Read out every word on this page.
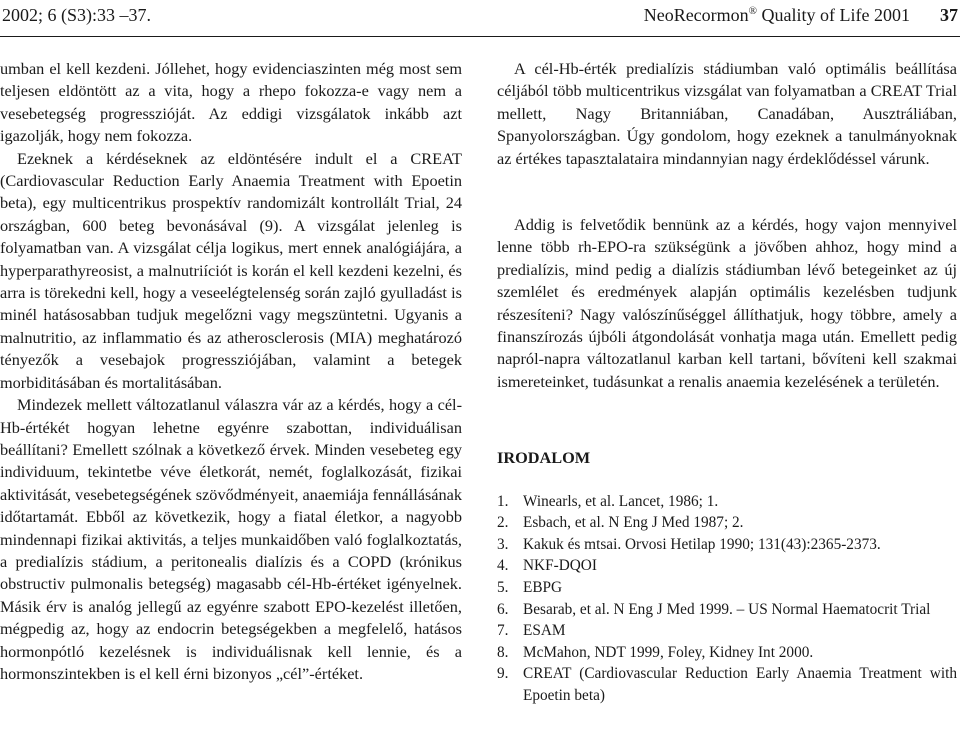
2002; 6 (S3):33 –37.	NeoRecormon® Quality of Life 2001 37

umban el kell kezdeni. Jóllehet, hogy evidenciaszinten még most sem teljesen eldöntött az a vita, hogy a rhepo fokozza-e vagy nem a vesebetegség progresszióját. Az eddigi vizsgálatok inkább azt igazolják, hogy nem fokozza.

Ezeknek a kérdéseknek az eldöntésére indult el a CREAT (Cardiovascular Reduction Early Anaemia Treatment with Epoetin beta), egy multicentrikus prospektív randomizált kontrollált Trial, 24 országban, 600 beteg bevonásával (9). A vizsgálat jelenleg is folyamatban van. A vizsgálat célja logikus, mert ennek analógiájára, a hyperparathyreosist, a malnutriíciót is korán el kell kezdeni kezelni, és arra is törekedni kell, hogy a veseelégtelenség során zajló gyulladást is minél hatásosabban tudjuk megelőzni vagy megszüntetni. Ugyanis a malnutritio, az inflammatio és az atherosclerosis (MIA) meghatározó tényezők a vesebajok progressziójában, valamint a betegek morbiditásában és mortalitásában.

Mindezek mellett változatlanul válaszra vár az a kérdés, hogy a cél-Hb-értékét hogyan lehetne egyénre szabottan, individuálisan beállítani? Emellett szólnak a következő érvek. Minden vesebeteg egy individuum, tekintetbe véve életkorát, nemét, foglalkozását, fizikai aktivitását, vesebetegségének szövődményeit, anaemiája fennállásának időtartamát. Ebből az következik, hogy a fiatal életkor, a nagyobb mindennapi fizikai aktivitás, a teljes munkaidőben való foglalkoztatás, a predialízis stádium, a peritonealis dialízis és a COPD (krónikus obstructiv pulmonalis betegség) magasabb cél-Hb-értéket igényelnek. Másik érv is analóg jellegű az egyénre szabott EPO-kezelést illetően, mégpedig az, hogy az endocrin betegségekben a megfelelő, hatásos hormonpótló kezelésnek is individuálisnak kell lennie, és a hormonszintekben is el kell érni bizonyos „cél”-értéket.

A cél-Hb-érték predialízis stádiumban való optimális beállítása céljából több multicentrikus vizsgálat van folyamatban a CREAT Trial mellett, Nagy Britanniában, Canadában, Ausztráliában, Spanyolországban. Úgy gondolom, hogy ezeknek a tanulmányoknak az értékes tapasztalataira mindannyian nagy érdeklődéssel várunk.

Addig is felvetődik bennünk az a kérdés, hogy vajon mennyivel lenne több rh-EPO-ra szükségünk a jövőben ahhoz, hogy mind a predialízis, mind pedig a dialízis stádiumban lévő betegeinket az új szemlélet és eredmények alapján optimális kezelésben tudjunk részesíteni? Nagy valószínűséggel állíthatjuk, hogy többre, amely a finanszírozás újbóli átgondolását vonhatja maga után. Emellett pedig napról-napra változatlanul karban kell tartani, bővíteni kell szakmai ismereteinket, tudásunkat a renalis anaemia kezelésének a területén.

IRODALOM
1. Winearls, et al. Lancet, 1986; 1.
2. Esbach, et al. N Eng J Med 1987; 2.
3. Kakuk és mtsai. Orvosi Hetilap 1990; 131(43):2365-2373.
4. NKF-DQOI
5. EBPG
6. Besarab, et al. N Eng J Med 1999. – US Normal Haematocrit Trial
7. ESAM
8. McMahon, NDT 1999, Foley, Kidney Int 2000.
9. CREAT (Cardiovascular Reduction Early Anaemia Treatment with Epoetin beta)
